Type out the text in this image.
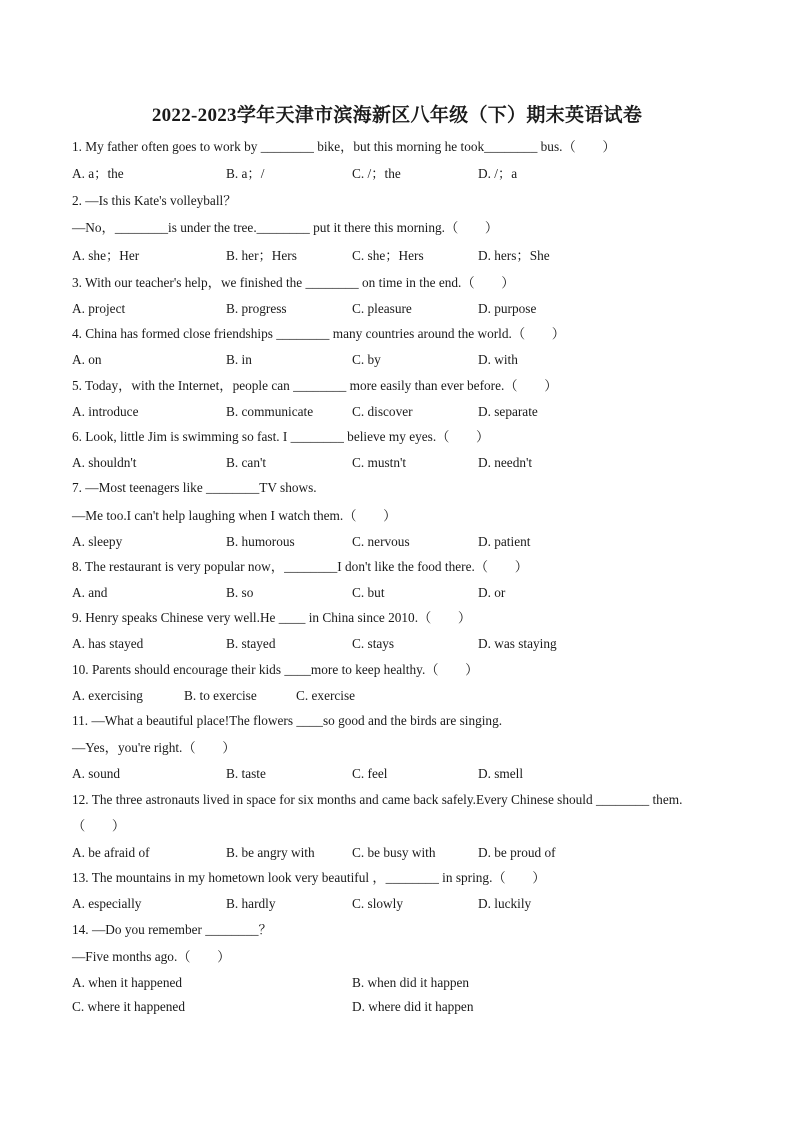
2022-2023学年天津市滨海新区八年级（下）期末英语试卷
1. My father often goes to work by ________ bike，but this morning he took________ bus.（　　）
A. a；the	B. a；/	C. /；the	D. /；a
2. —Is this Kate's volleyball？
—No，________is under the tree.________ put it there this morning.（　　）
A. she；Her	B. her；Hers	C. she；Hers	D. hers；She
3. With our teacher's help，we finished the ________ on time in the end.（　　）
A. project	B. progress	C. pleasure	D. purpose
4. China has formed close friendships ________ many countries around the world.（　　）
A. on	B. in	C. by	D. with
5. Today，with the Internet，people can ________ more easily than ever before.（　　）
A. introduce	B. communicate	C. discover	D. separate
6. Look, little Jim is swimming so fast. I ________ believe my eyes.（　　）
A. shouldn't	B. can't	C. mustn't	D. needn't
7. —Most teenagers like ________TV shows.
—Me too.I can't help laughing when I watch them.（　　）
A. sleepy	B. humorous	C. nervous	D. patient
8. The restaurant is very popular now，________I don't like the food there.（　　）
A. and	B. so	C. but	D. or
9. Henry speaks Chinese very well.He ____ in China since 2010.（　　）
A. has stayed	B. stayed	C. stays	D. was staying
10. Parents should encourage their kids ____more to keep healthy.（　　）
A. exercising	B. to exercise	C. exercise
11. —What a beautiful place!The flowers ____so good and the birds are singing.
—Yes，you're right.（　　）
A. sound	B. taste	C. feel	D. smell
12. The three astronauts lived in space for six months and came back safely.Every Chinese should ________ them.
（　　）
A. be afraid of	B. be angry with	C. be busy with	D. be proud of
13. The mountains in my hometown look very beautiful ，________ in spring.（　　）
A. especially	B. hardly	C. slowly	D. luckily
14. —Do you remember ________？
—Five months ago.（　　）
A. when it happened	B. when did it happen
C. where it happened	D. where did it happen
